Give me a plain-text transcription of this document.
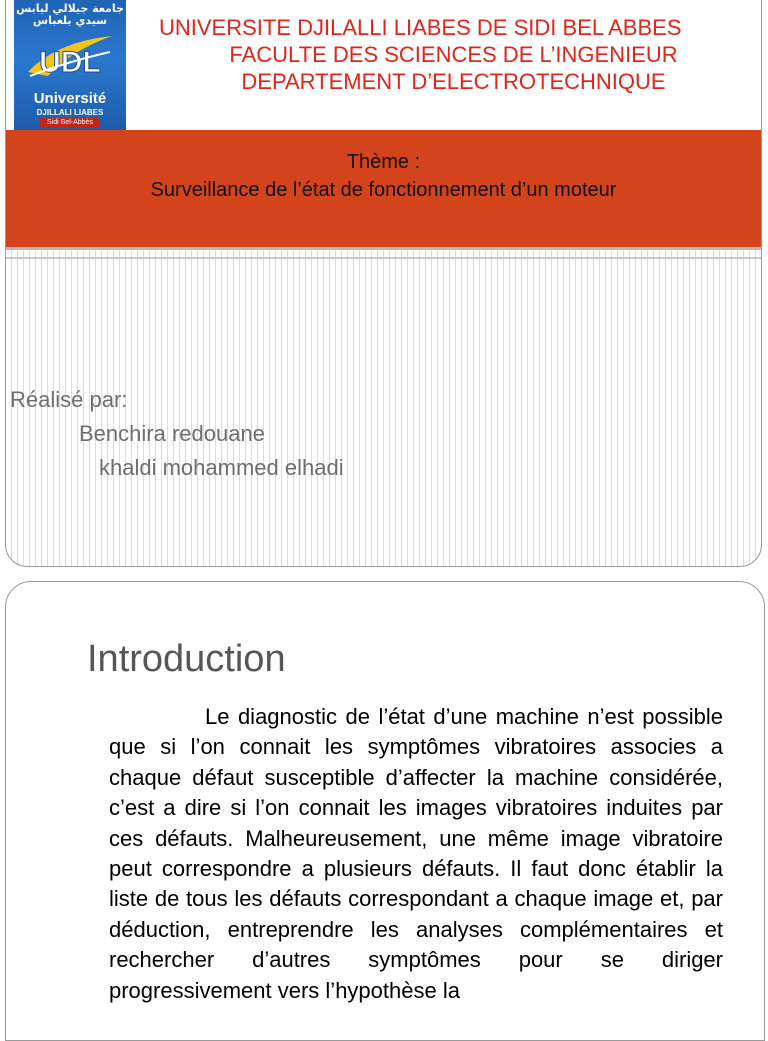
جامعة جيلالي ليابس
سيدي بلعباس
UDL
Université
DJILLALI LIABES
Sidi Bel-Abbès
UNIVERSITE DJILALLI LIABES DE SIDI BEL ABBES
FACULTE DES SCIENCES DE L’INGENIEUR
DEPARTEMENT D’ELECTROTECHNIQUE
Thème :
Surveillance de l’état de fonctionnement d’un moteur
Réalisé par:
Benchira redouane
khaldi mohammed elhadi
Introduction
Le diagnostic de l’état d’une machine n’est possible que si l’on connait les symptômes vibratoires associes a chaque défaut susceptible d’affecter la machine considérée, c’est a dire si l’on connait les images vibratoires induites par ces défauts. Malheureusement, une même image vibratoire peut correspondre a plusieurs défauts. Il faut donc établir la liste de tous les défauts correspondant a chaque image et, par déduction, entreprendre les analyses complémentaires et rechercher d’autres symptômes pour se diriger progressivement vers l’hypothèse la
